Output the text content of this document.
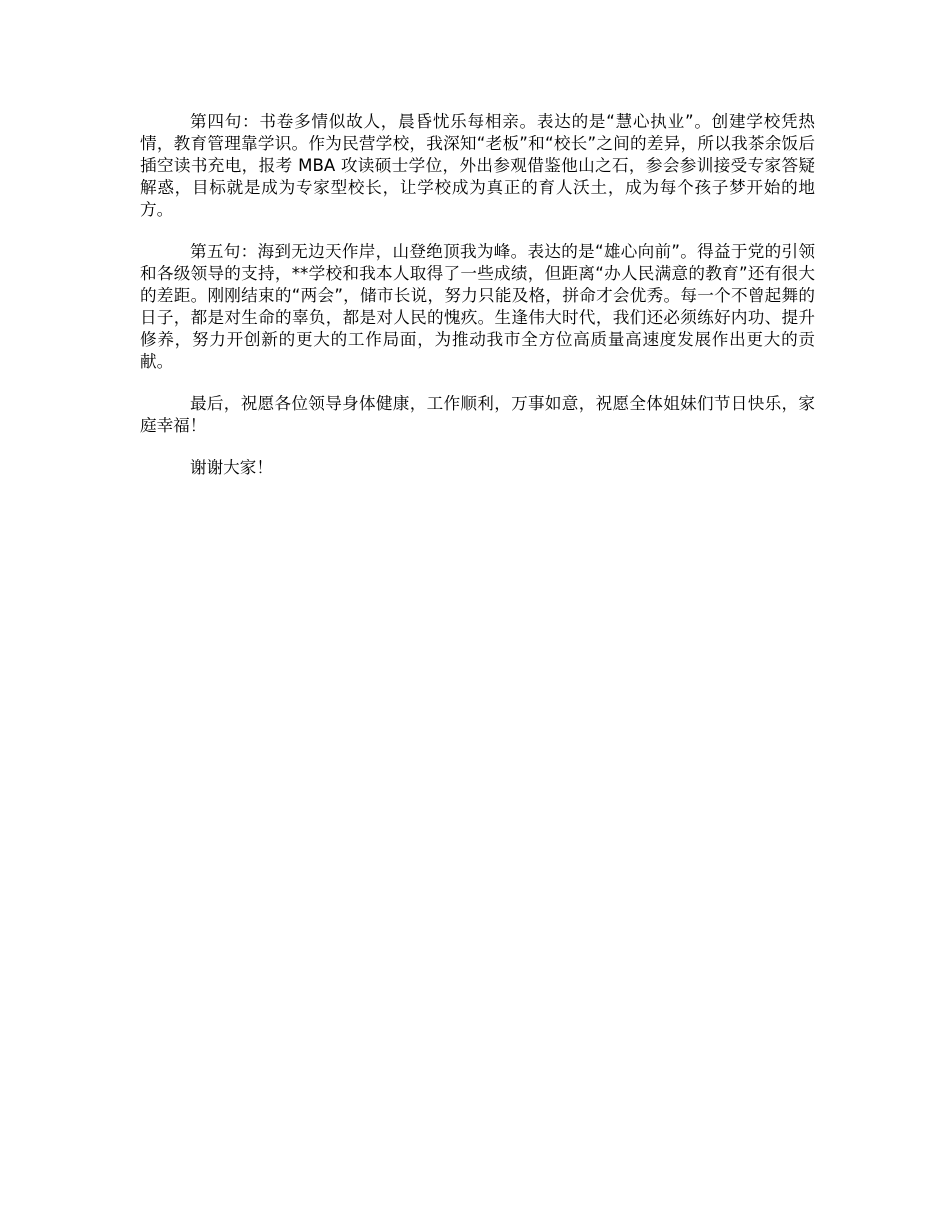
第四句：书卷多情似故人，晨昏忧乐每相亲。表达的是“慧心执业”。创建学校凭热情，教育管理靠学识。作为民营学校，我深知“老板”和“校长”之间的差异，所以我茶余饭后插空读书充电，报考 MBA 攻读硕士学位，外出参观借鉴他山之石，参会参训接受专家答疑解惑，目标就是成为专家型校长，让学校成为真正的育人沃土，成为每个孩子梦开始的地方。

第五句：海到无边天作岸，山登绝顶我为峰。表达的是“雄心向前”。得益于党的引领和各级领导的支持，**学校和我本人取得了一些成绩，但距离“办人民满意的教育”还有很大的差距。刚刚结束的“两会”，储市长说，努力只能及格，拼命才会优秀。每一个不曾起舞的日子，都是对生命的辜负，都是对人民的愧疚。生逢伟大时代，我们还必须练好内功、提升修养，努力开创新的更大的工作局面，为推动我市全方位高质量高速度发展作出更大的贡献。

最后，祝愿各位领导身体健康，工作顺利，万事如意，祝愿全体姐妹们节日快乐，家庭幸福！

谢谢大家！
